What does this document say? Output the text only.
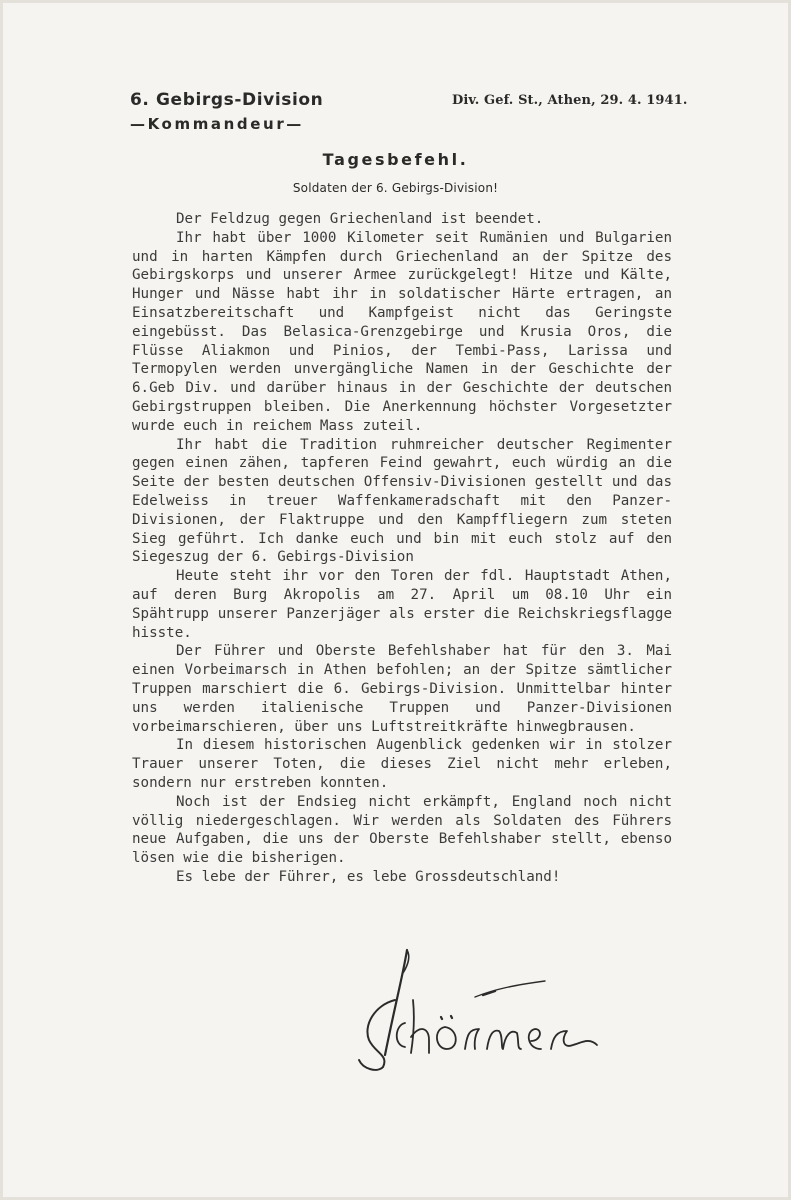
6. Gebirgs-Division
—Kommandeur—
Div. Gef. St., Athen, 29. 4. 1941.
Tagesbefehl.
Soldaten der 6. Gebirgs-Division!

Der Feldzug gegen Griechenland ist beendet.

Ihr habt über 1000 Kilometer seit Rumänien und Bulgarien und in harten Kämpfen durch Griechenland an der Spitze des Gebirgskorps und unserer Armee zurückgelegt! Hitze und Kälte, Hunger und Nässe habt ihr in soldatischer Härte ertragen, an Einsatzbereitschaft und Kampfgeist nicht das Geringste eingebüsst. Das Belasica-Grenzgebirge und Krusia Oros, die Flüsse Aliakmon und Pinios, der Tembi-Pass, Larissa und Termopylen werden unvergängliche Namen in der Geschichte der 6.Geb Div. und darüber hinaus in der Geschichte der deutschen Gebirgstruppen bleiben. Die Anerkennung höchster Vorgesetzter wurde euch in reichem Mass zuteil.

Ihr habt die Tradition ruhmreicher deutscher Regimenter gegen einen zähen, tapferen Feind gewahrt, euch würdig an die Seite der besten deutschen Offensiv-Divisionen gestellt und das Edelweiss in treuer Waffenkameradschaft mit den Panzer-Divisionen, der Flaktruppe und den Kampffliegern zum steten Sieg geführt. Ich danke euch und bin mit euch stolz auf den Siegeszug der 6. Gebirgs-Division

Heute steht ihr vor den Toren der fdl. Hauptstadt Athen, auf deren Burg Akropolis am 27. April um 08.10 Uhr ein Spähtrupp unserer Panzerjäger als erster die Reichskriegsflagge hisste.

Der Führer und Oberste Befehlshaber hat für den 3. Mai einen Vorbeimarsch in Athen befohlen; an der Spitze sämtlicher Truppen marschiert die 6. Gebirgs-Division. Unmittelbar hinter uns werden italienische Truppen und Panzer-Divisionen vorbeimarschieren, über uns Luftstreitkräfte hinwegbrausen.

In diesem historischen Augenblick gedenken wir in stolzer Trauer unserer Toten, die dieses Ziel nicht mehr erleben, sondern nur erstreben konnten.

Noch ist der Endsieg nicht erkämpft, England noch nicht völlig niedergeschlagen. Wir werden als Soldaten des Führers neue Aufgaben, die uns der Oberste Befehlshaber stellt, ebenso lösen wie die bisherigen.

Es lebe der Führer, es lebe Grossdeutschland!
